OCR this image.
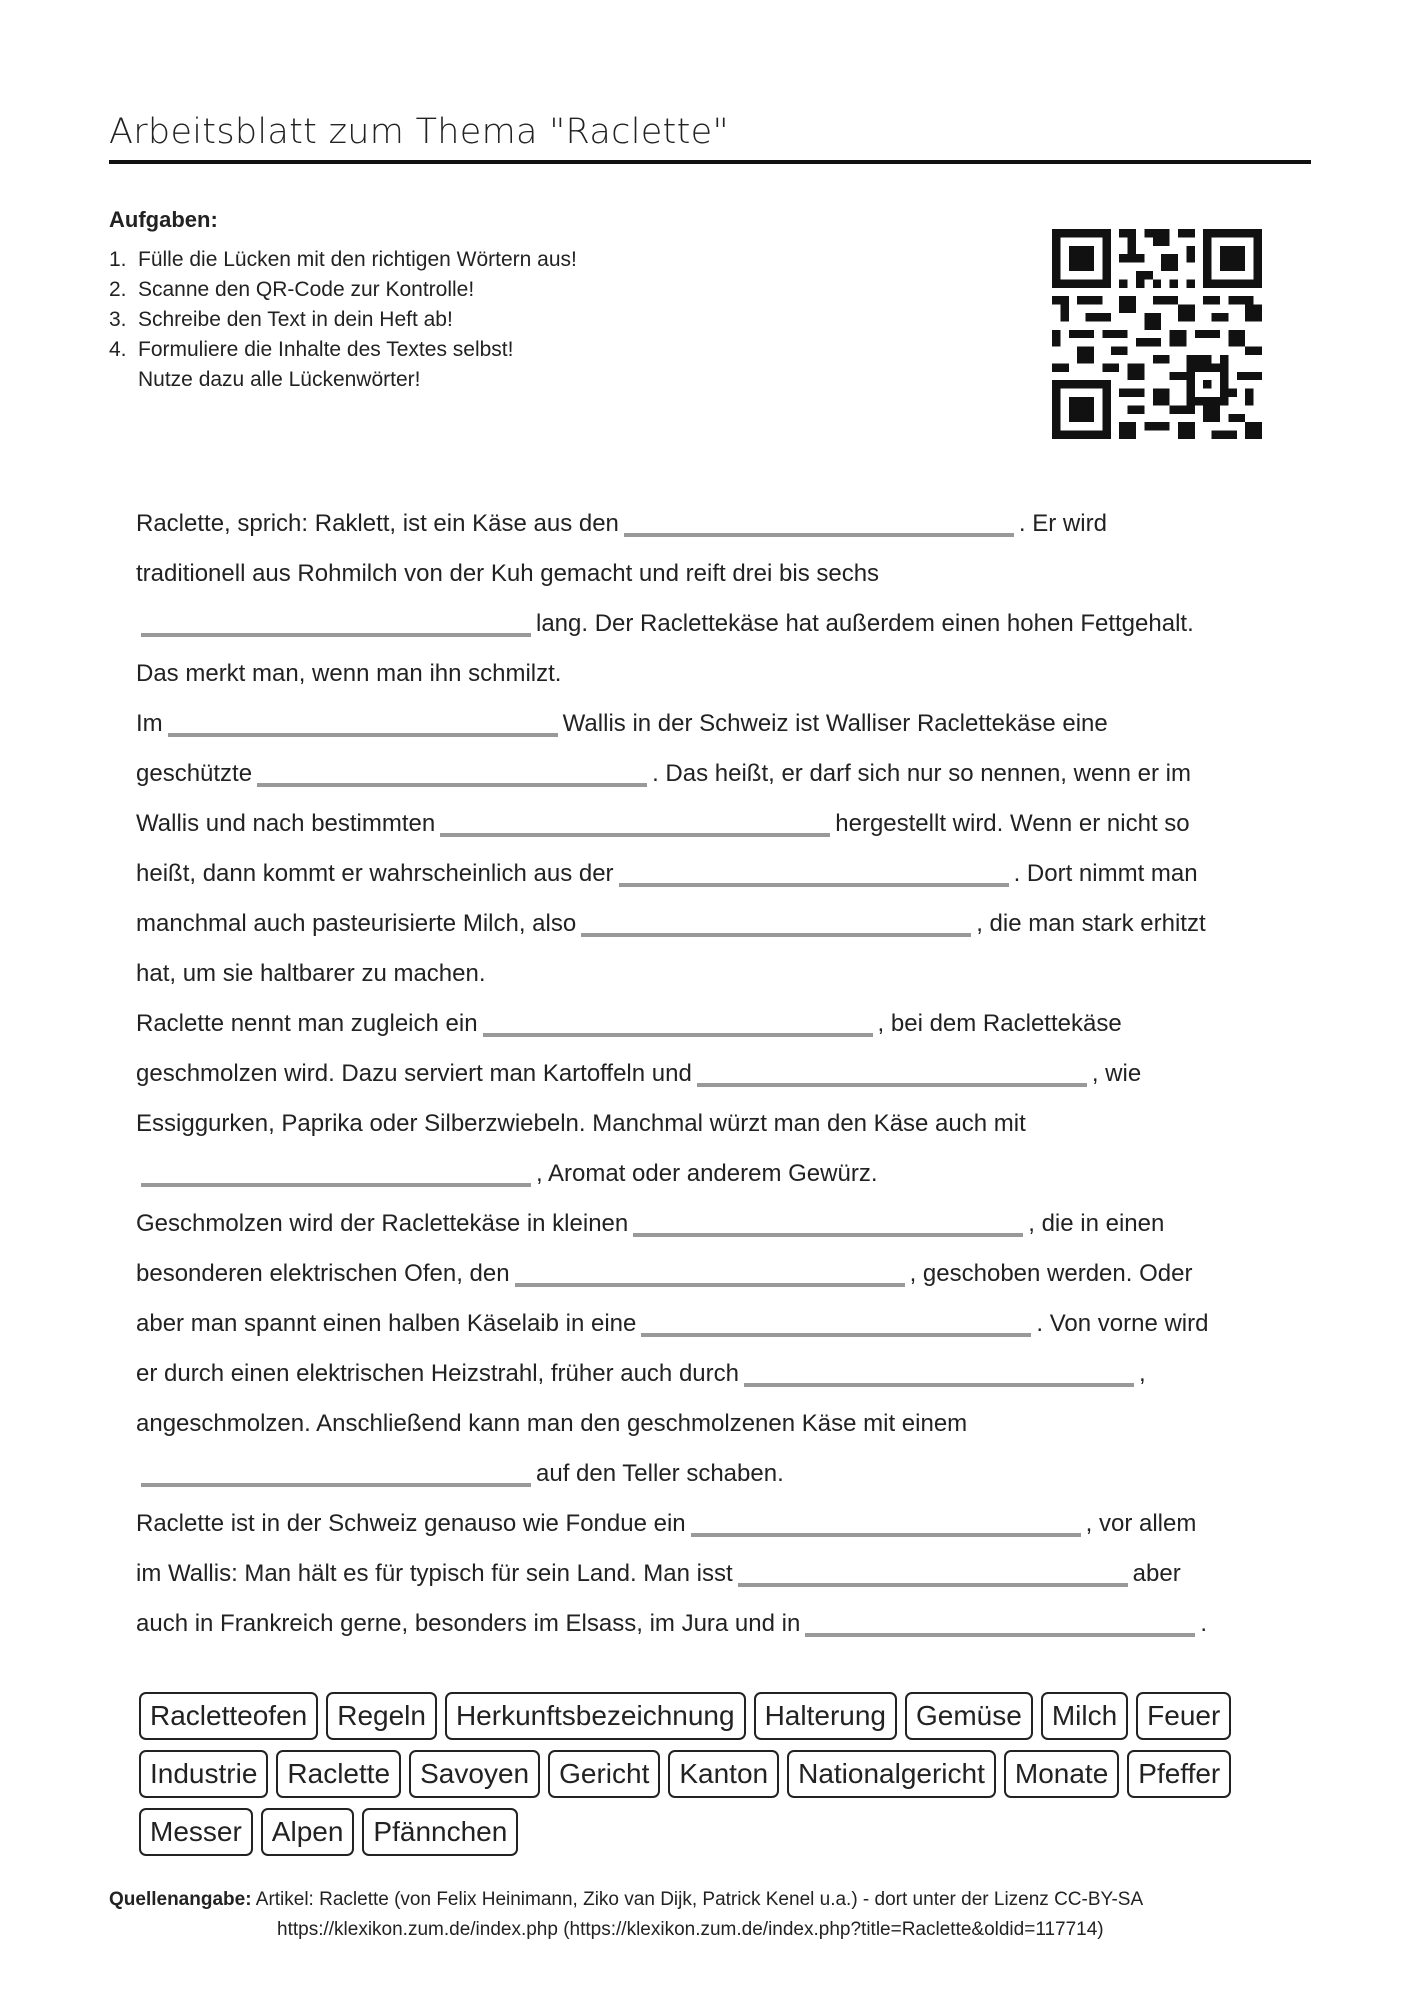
Arbeitsblatt zum Thema "Raclette"
Aufgaben:
1. Fülle die Lücken mit den richtigen Wörtern aus!
2. Scanne den QR-Code zur Kontrolle!
3. Schreibe den Text in dein Heft ab!
4. Formuliere die Inhalte des Textes selbst!
Nutze dazu alle Lückenwörter!
Raclette, sprich: Raklett, ist ein Käse aus den	. Er wird
traditionell aus Rohmilch von der Kuh gemacht und reift drei bis sechs
lang. Der Raclettekäse hat außerdem einen hohen Fettgehalt.
Das merkt man, wenn man ihn schmilzt.
Im	Wallis in der Schweiz ist Walliser Raclettekäse eine
geschützte	. Das heißt, er darf sich nur so nennen, wenn er im
Wallis und nach bestimmten	hergestellt wird. Wenn er nicht so
heißt, dann kommt er wahrscheinlich aus der	. Dort nimmt man
manchmal auch pasteurisierte Milch, also	, die man stark erhitzt
hat, um sie haltbarer zu machen.
Raclette nennt man zugleich ein	, bei dem Raclettekäse
geschmolzen wird. Dazu serviert man Kartoffeln und	, wie
Essiggurken, Paprika oder Silberzwiebeln. Manchmal würzt man den Käse auch mit
, Aromat oder anderem Gewürz.
Geschmolzen wird der Raclettekäse in kleinen	, die in einen
besonderen elektrischen Ofen, den	, geschoben werden. Oder
aber man spannt einen halben Käselaib in eine	. Von vorne wird
er durch einen elektrischen Heizstrahl, früher auch durch	,
angeschmolzen. Anschließend kann man den geschmolzenen Käse mit einem
auf den Teller schaben.
Raclette ist in der Schweiz genauso wie Fondue ein	, vor allem
im Wallis: Man hält es für typisch für sein Land. Man isst	aber
auch in Frankreich gerne, besonders im Elsass, im Jura und in	.
Racletteofen	Regeln	Herkunftsbezeichnung	Halterung	Gemüse	Milch	Feuer
Industrie	Raclette	Savoyen	Gericht	Kanton	Nationalgericht	Monate	Pfeffer
Messer	Alpen	Pfännchen
Quellenangabe: Artikel: Raclette (von Felix Heinimann, Ziko van Dijk, Patrick Kenel u.a.) - dort unter der Lizenz CC-BY-SA
https://klexikon.zum.de/index.php (https://klexikon.zum.de/index.php?title=Raclette&oldid=117714)
